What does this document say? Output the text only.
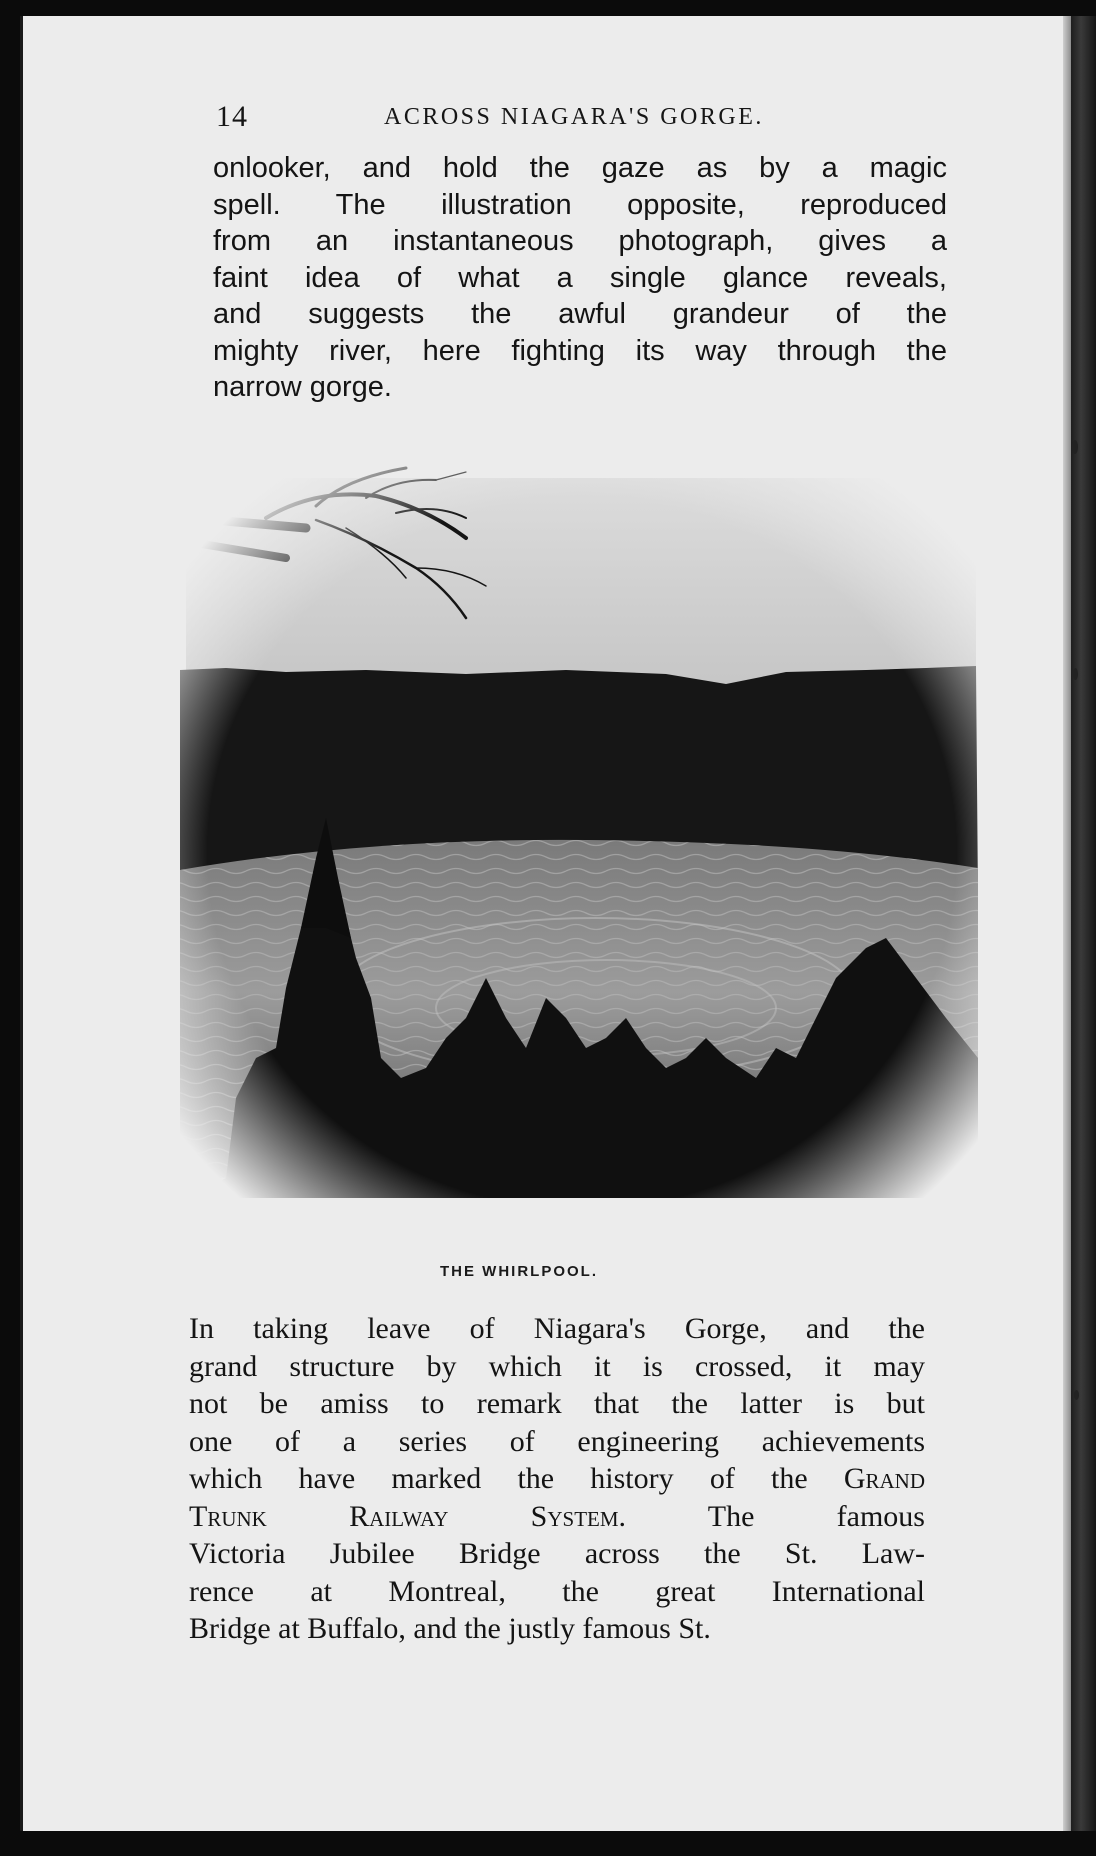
14	ACROSS NIAGARA'S GORGE.

onlooker, and hold the gaze as by a magic
spell. The illustration opposite, reproduced
from an instantaneous photograph, gives a
faint idea of what a single glance reveals,
and suggests the awful grandeur of the
mighty river, here fighting its way through the
narrow gorge.

THE WHIRLPOOL.

In taking leave of Niagara's Gorge, and the
grand structure by which it is crossed, it may
not be amiss to remark that the latter is but
one of a series of engineering achievements
which have marked the history of the Grand
Trunk Railway System.	The famous
Victoria Jubilee Bridge across the St. Law-
rence at Montreal, the great International
Bridge at Buffalo, and the justly famous St.
